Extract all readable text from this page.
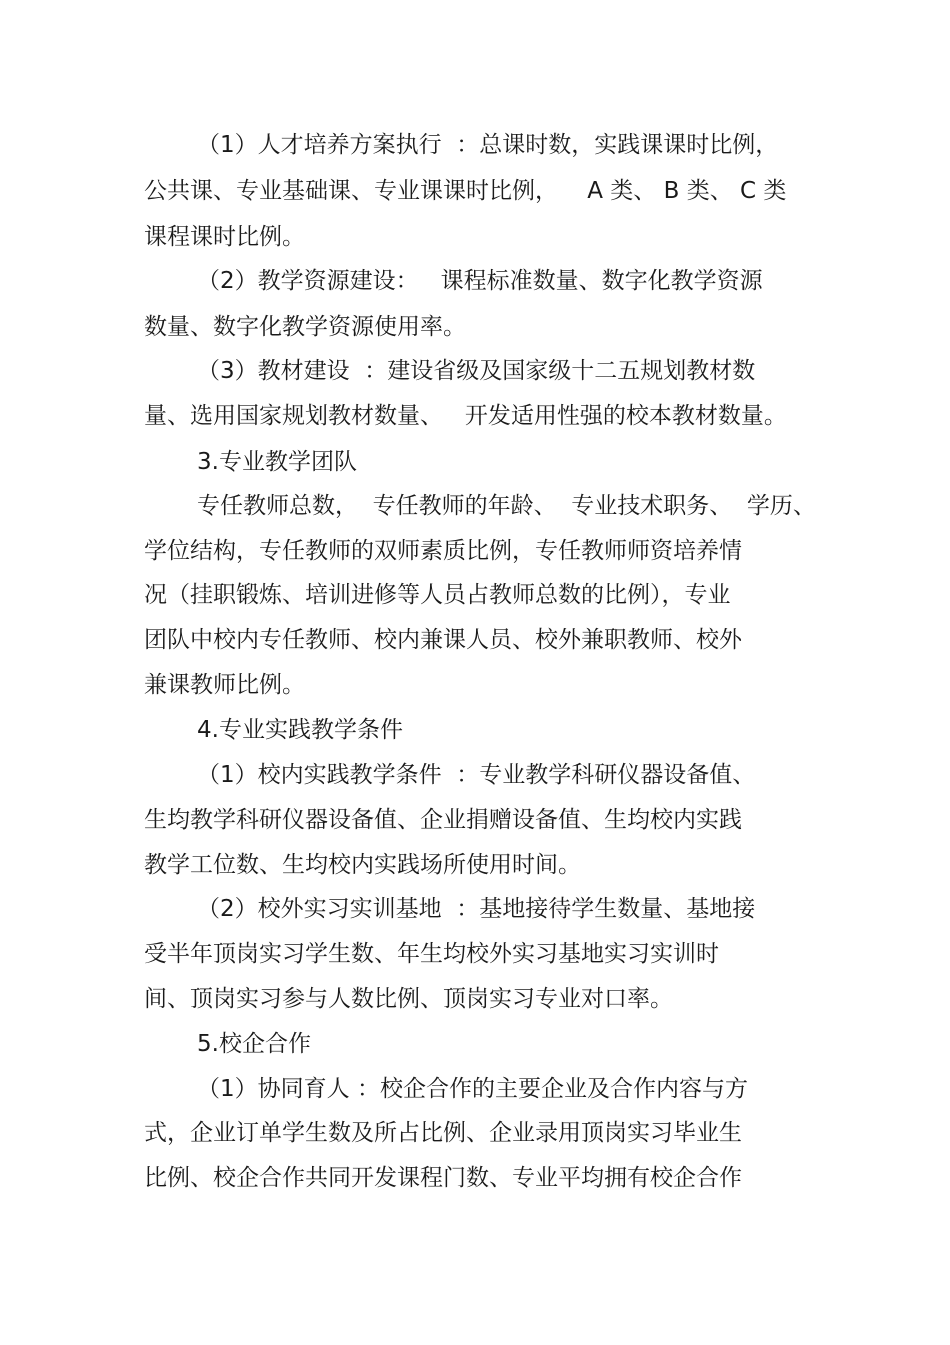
（1）人才培养方案执行  ：总课时数，实践课课时比例，

公共课、专业基础课、专业课课时比例，    A 类、 B 类、 C 类

课程课时比例。

（2）教学资源建设：   课程标准数量、数字化教学资源

数量、数字化教学资源使用率。

（3）教材建设  ：建设省级及国家级十二五规划教材数

量、选用国家规划教材数量、   开发适用性强的校本教材数量。

3.专业教学团队

专任教师总数，  专任教师的年龄、  专业技术职务、  学历、

学位结构，专任教师的双师素质比例，专任教师师资培养情

况（挂职锻炼、培训进修等人员占教师总数的比例），专业

团队中校内专任教师、校内兼课人员、校外兼职教师、校外

兼课教师比例。

4.专业实践教学条件

（1）校内实践教学条件  ：专业教学科研仪器设备值、

生均教学科研仪器设备值、企业捐赠设备值、生均校内实践

教学工位数、生均校内实践场所使用时间。

（2）校外实习实训基地  ：基地接待学生数量、基地接

受半年顶岗实习学生数、年生均校外实习基地实习实训时

间、顶岗实习参与人数比例、顶岗实习专业对口率。

5.校企合作

（1）协同育人 ：校企合作的主要企业及合作内容与方

式，企业订单学生数及所占比例、企业录用顶岗实习毕业生

比例、校企合作共同开发课程门数、专业平均拥有校企合作
